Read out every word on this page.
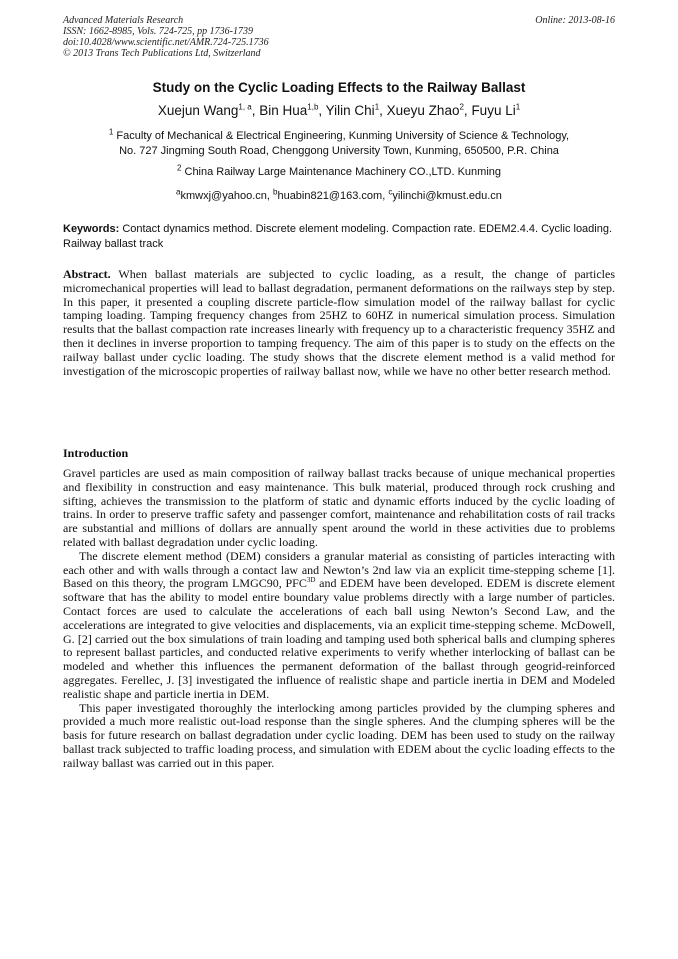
Advanced Materials Research
ISSN: 1662-8985, Vols. 724-725, pp 1736-1739
doi:10.4028/www.scientific.net/AMR.724-725.1736
© 2013 Trans Tech Publications Ltd, Switzerland
Online: 2013-08-16
Study on the Cyclic Loading Effects to the Railway Ballast
Xuejun Wang$^{1, a}$, Bin Hua$^{1,b}$, Yilin Chi$^1$, Xueyu Zhao$^2$, Fuyu Li$^1$
$^1$ Faculty of Mechanical & Electrical Engineering, Kunming University of Science & Technology,
No. 727 Jingming South Road, Chenggong University Town, Kunming, 650500, P.R. China
$^2$ China Railway Large Maintenance Machinery CO.,LTD. Kunming
$^a$kmwxj@yahoo.cn, $^b$huabin821@163.com, $^c$yilinchi@kmust.edu.cn
Keywords: Contact dynamics method. Discrete element modeling. Compaction rate. EDEM2.4.4. Cyclic loading. Railway ballast track
Abstract. When ballast materials are subjected to cyclic loading, as a result, the change of particles micromechanical properties will lead to ballast degradation, permanent deformations on the railways step by step. In this paper, it presented a coupling discrete particle-flow simulation model of the railway ballast for cyclic tamping loading. Tamping frequency changes from 25HZ to 60HZ in numerical simulation process. Simulation results that the ballast compaction rate increases linearly with frequency up to a characteristic frequency 35HZ and then it declines in inverse proportion to tamping frequency. The aim of this paper is to study on the effects on the railway ballast under cyclic loading. The study shows that the discrete element method is a valid method for investigation of the microscopic properties of railway ballast now, while we have no other better research method.
Introduction

Gravel particles are used as main composition of railway ballast tracks because of unique mechanical properties and flexibility in construction and easy maintenance. This bulk material, produced through rock crushing and sifting, achieves the transmission to the platform of static and dynamic efforts induced by the cyclic loading of trains. In order to preserve traffic safety and passenger comfort, maintenance and rehabilitation costs of rail tracks are substantial and millions of dollars are annually spent around the world in these activities due to problems related with ballast degradation under cyclic loading.

The discrete element method (DEM) considers a granular material as consisting of particles interacting with each other and with walls through a contact law and Newton’s 2nd law via an explicit time-stepping scheme [1]. Based on this theory, the program LMGC90, $PFC^{3D}$ and EDEM have been developed. EDEM is discrete element software that has the ability to model entire boundary value problems directly with a large number of particles. Contact forces are used to calculate the accelerations of each ball using Newton’s Second Law, and the accelerations are integrated to give velocities and displacements, via an explicit time-stepping scheme. McDowell, G. [2] carried out the box simulations of train loading and tamping used both spherical balls and clumping spheres to represent ballast particles, and conducted relative experiments to verify whether interlocking of ballast can be modeled and whether this influences the permanent deformation of the ballast through geogrid-reinforced aggregates. Ferellec, J. [3] investigated the influence of realistic shape and particle inertia in DEM and Modeled realistic shape and particle inertia in DEM.

This paper investigated thoroughly the interlocking among particles provided by the clumping spheres and provided a much more realistic out-load response than the single spheres. And the clumping spheres will be the basis for future research on ballast degradation under cyclic loading. DEM has been used to study on the railway ballast track subjected to traffic loading process, and simulation with EDEM about the cyclic loading effects to the railway ballast was carried out in this paper.
